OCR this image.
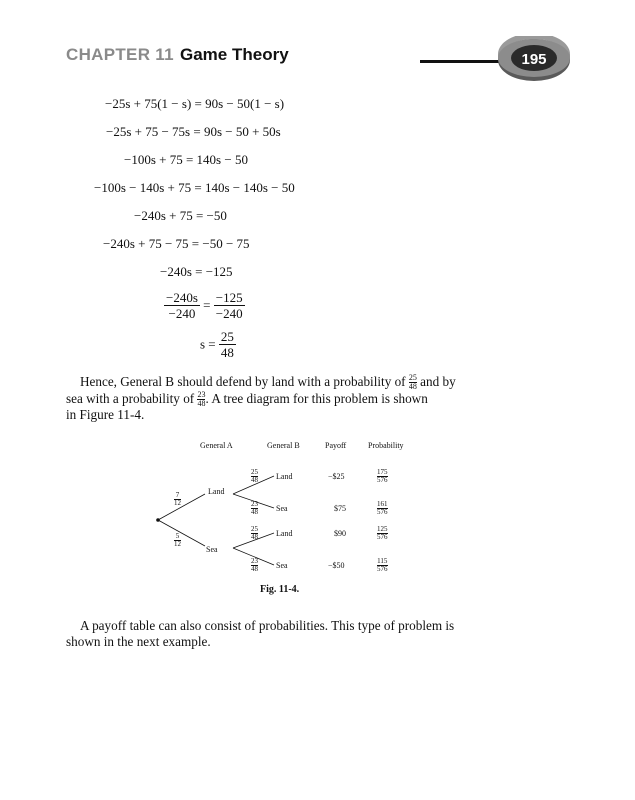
CHAPTER 11 Game Theory	195
−25s + 75(1 − s) = 90s − 50(1 − s)
−25s + 75 − 75s = 90s − 50 + 50s
−100s + 75 = 140s − 50
−100s − 140s + 75 = 140s − 140s − 50
−240s + 75 = −50
−240s + 75 − 75 = −50 − 75
−240s = −125
$\frac{-240s}{-240} = \frac{-125}{-240}$
$s = \frac{25}{48}$
Hence, General B should defend by land with a probability of $\frac{25}{48}$ and by
sea with a probability of $\frac{23}{48}$ . A tree diagram for this problem is shown
in Figure 11-4.
General A	General B	Payoff	Probability
Land
Sea
7
12
5
12
25
48 Land	−$25	175
576
23
48 Sea	$75	161
576
25
48 Land	$90	125
576
23
48 Sea	−$50	115
576
Fig. 11-4.
A payoff table can also consist of probabilities. This type of problem is
shown in the next example.
